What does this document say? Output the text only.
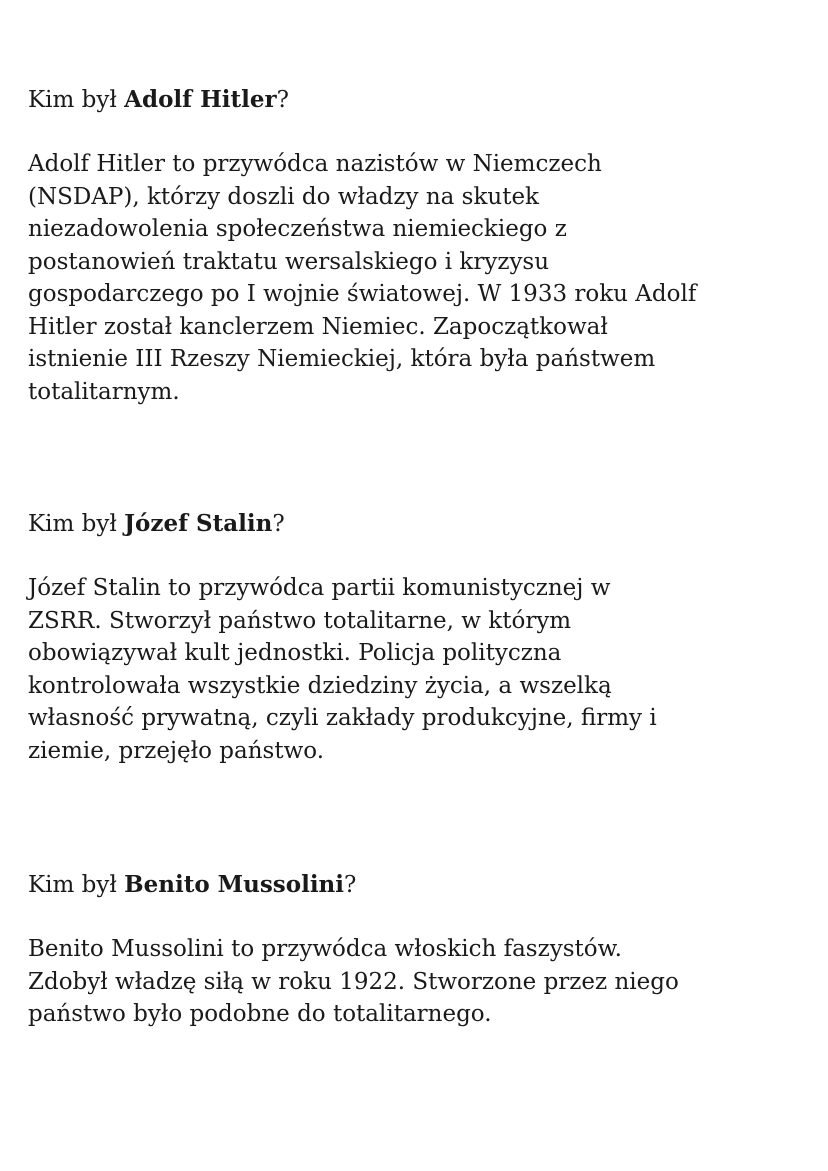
Kim był Adolf Hitler?

Adolf Hitler to przywódca nazistów w Niemczech
(NSDAP), którzy doszli do władzy na skutek
niezadowolenia społeczeństwa niemieckiego z
postanowień traktatu wersalskiego i kryzysu
gospodarczego po I wojnie światowej. W 1933 roku Adolf
Hitler został kanclerzem Niemiec. Zapoczątkował
istnienie III Rzeszy Niemieckiej, która była państwem
totalitarnym.

Kim był Józef Stalin?

Józef Stalin to przywódca partii komunistycznej w
ZSRR. Stworzył państwo totalitarne, w którym
obowiązywał kult jednostki. Policja polityczna
kontrolowała wszystkie dziedziny życia, a wszelką
własność prywatną, czyli zakłady produkcyjne, firmy i
ziemie, przejęło państwo.

Kim był Benito Mussolini?

Benito Mussolini to przywódca włoskich faszystów.
Zdobył władzę siłą w roku 1922. Stworzone przez niego
państwo było podobne do totalitarnego.
